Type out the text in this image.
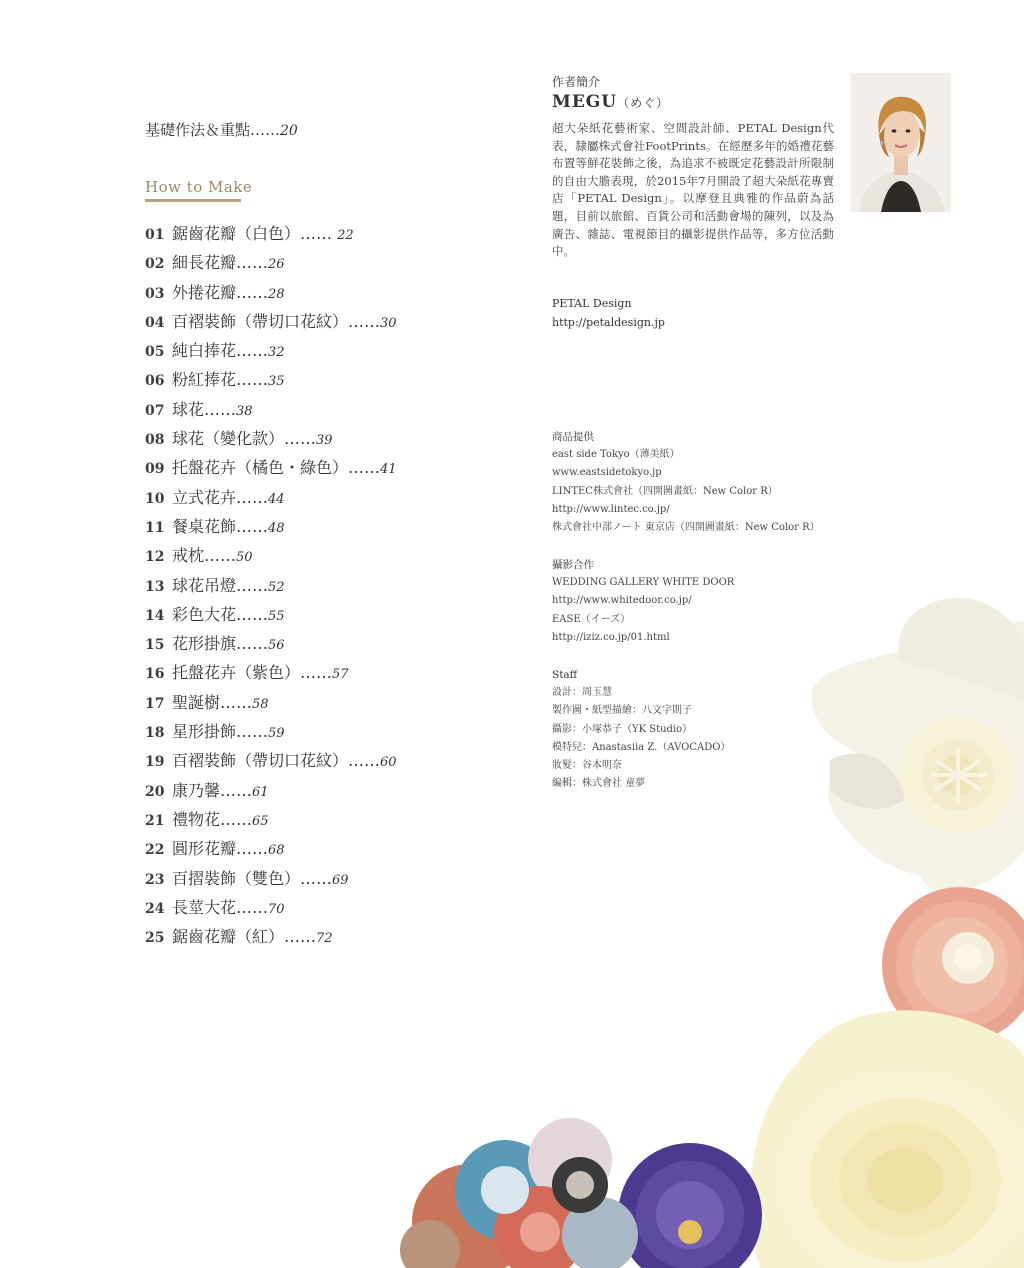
基礎作法＆重點……20
How to Make
01 鋸齒花瓣（白色）…… 22
02 細長花瓣……26
03 外捲花瓣……28
04 百褶裝飾（帶切口花紋）……30
05 純白捧花……32
06 粉紅捧花……35
07 球花……38
08 球花（變化款）……39
09 托盤花卉（橘色・綠色）……41
10 立式花卉……44
11 餐桌花飾……48
12 戒枕……50
13 球花吊燈……52
14 彩色大花……55
15 花形掛旗……56
16 托盤花卉（紫色）……57
17 聖誕樹……58
18 星形掛飾……59
19 百褶裝飾（帶切口花紋）……60
20 康乃馨……61
21 禮物花……65
22 圓形花瓣……68
23 百摺裝飾（雙色）……69
24 長莖大花……70
25 鋸齒花瓣（紅）……72
作者簡介
MEGU（めぐ）
超大朵紙花藝術家、空間設計師、PETAL Design代表，隸屬株式會社FootPrints。在經歷多年的婚禮花藝布置等鮮花裝飾之後，為追求不被既定花藝設計所限制的自由大膽表現，於2015年7月開設了超大朵紙花專賣店「PETAL Design」。以摩登且典雅的作品蔚為話題，目前以旅館、百貨公司和活動會場的陳列，以及為廣告、雜誌、電視節目的攝影提供作品等，多方位活動中。
PETAL Design
http://petaldesign.jp
商品提供
east side Tokyo（薄美紙）
www.eastsidetokyo.jp
LINTEC株式會社（四開圖畫紙：New Color R）
http://www.lintec.co.jp/
株式會社中部ノート 東京店（四開圖畫紙：New Color R）
攝影合作
WEDDING GALLERY WHITE DOOR
http://www.whitedoor.co.jp/
EASE（イーズ）
http://iziz.co.jp/01.html
Staff
設計：周玉慧
製作圖・紙型描繪：八文字則子
攝影：小塚恭子（YK Studio）
模特兒：Anastasiia Z.（AVOCADO）
妝髮：谷本明奈
編輯：株式會社 童夢
